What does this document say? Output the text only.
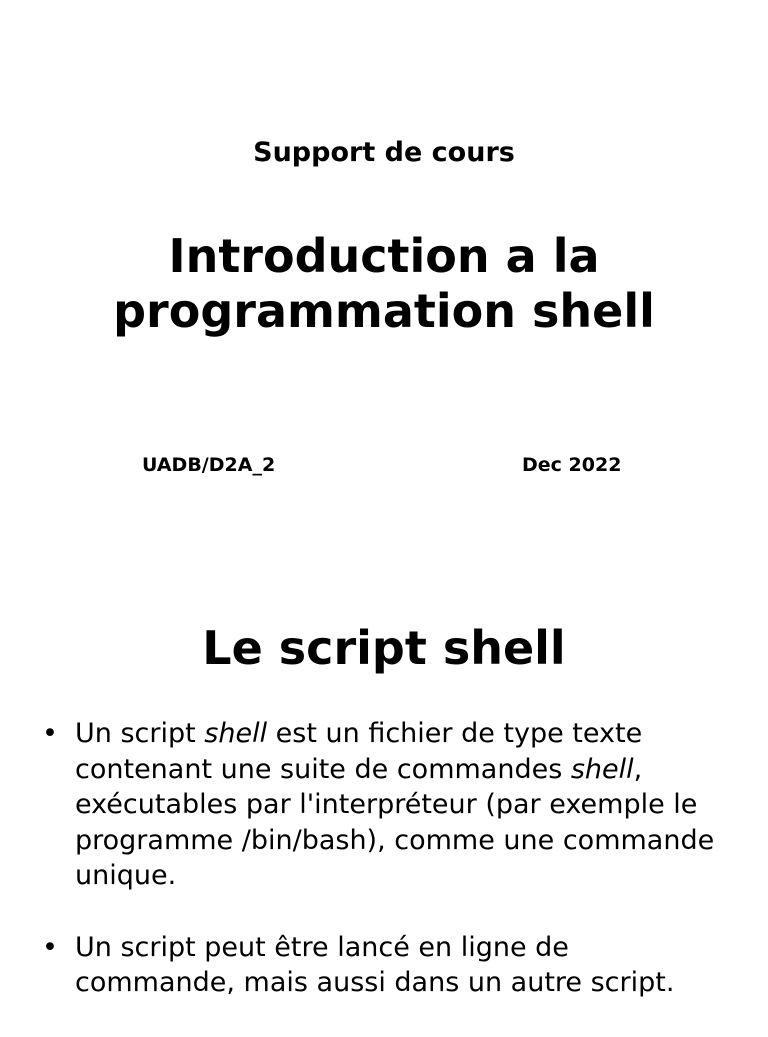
Support de cours
Introduction a la
programmation shell
UADB/D2A_2	Dec 2022
Le script shell
• Un script shell est un fichier de type texte contenant une suite de commandes shell, exécutables par l'interpréteur (par exemple le programme /bin/bash), comme une commande unique.
• Un script peut être lancé en ligne de commande, mais aussi dans un autre script.
